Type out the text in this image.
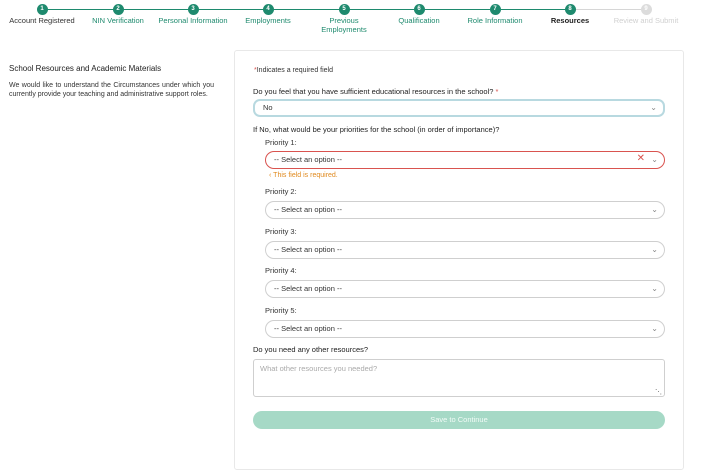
1
Account Registered
2
NIN Verification
3
Personal Information
4
Employments
5
Previous Employments
6
Qualification
7
Role Information
8
Resources
9
Review and Submit
School Resources and Academic Materials

We would like to understand the Circumstances under which you currently provide your teaching and administrative support roles.

*Indicates a required field
Do you feel that you have sufficient educational resources in the school? *
No	⌄
If No, what would be your priorities for the school (in order of importance)?
Priority 1:
-- Select an option --	✕ ⌄
‹ This field is required.
Priority 2:
-- Select an option --	⌄
Priority 3:
-- Select an option --	⌄
Priority 4:
-- Select an option --	⌄
Priority 5:
-- Select an option --	⌄
Do you need any other resources?
What other resources you needed?
⋱
Save to Continue
